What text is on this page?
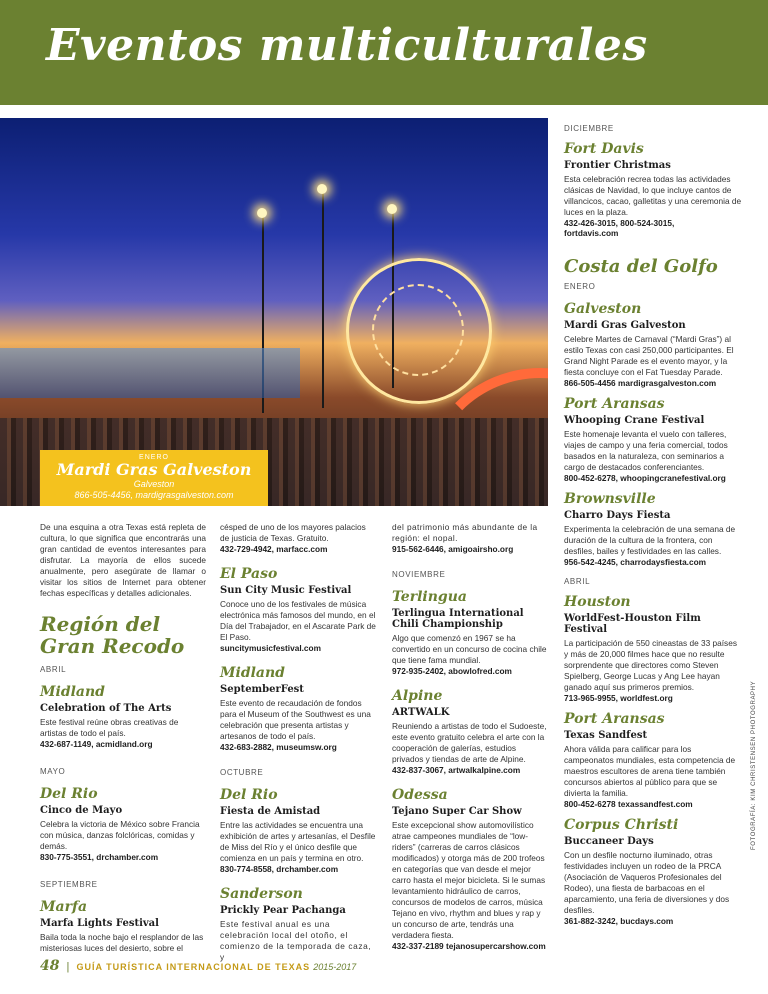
Eventos multiculturales
ENERO
Mardi Gras Galveston
Galveston
866-505-4456, mardigrasgalveston.com

DICIEMBRE

Fort Davis

Frontier Christmas

Esta celebración recrea todas las actividades clásicas de Navidad, lo que incluye cantos de villancicos, cacao, galletitas y una ceremonia de luces en la plaza.

432-426-3015, 800-524-3015,

fortdavis.com

Costa del Golfo

ENERO

Galveston

Mardi Gras Galveston

Celebre Martes de Carnaval (“Mardi Gras”) al estilo Texas con casi 250,000 participantes. El Grand Night Parade es el evento mayor, y la fiesta concluye con el Fat Tuesday Parade.

866-505-4456 mardigrasgalveston.com

Port Aransas

Whooping Crane Festival

Este homenaje levanta el vuelo con talleres, viajes de campo y una feria comercial, todos basados en la naturaleza, con seminarios a cargo de destacados conferenciantes.

800-452-6278, whoopingcranefestival.org

Brownsville

Charro Days Fiesta

Experimenta la celebración de una semana de duración de la cultura de la frontera, con desfiles, bailes y festividades en las calles.

956-542-4245, charrodaysfiesta.com

ABRIL

Houston

WorldFest-Houston Film Festival

La participación de 550 cineastas de 33 países y más de 20,000 filmes hace que no resulte sorprendente que directores como Steven Spielberg, George Lucas y Ang Lee hayan ganado aquí sus primeros premios.

713-965-9955, worldfest.org

Port Aransas

Texas Sandfest

Ahora válida para calificar para los campeonatos mundiales, esta competencia de maestros escultores de arena tiene también concursos abiertos al público para que se divierta la familia.

800-452-6278 texassandfest.com

Corpus Christi

Buccaneer Days

Con un desfile nocturno iluminado, otras festividades incluyen un rodeo de la PRCA (Asociación de Vaqueros Profesionales del Rodeo), una fiesta de barbacoas en el aparcamiento, una feria de diversiones y dos desfiles.

361-882-3242, bucdays.com

De una esquina a otra Texas está repleta de cultura, lo que significa que encontrarás una gran cantidad de eventos interesantes para disfrutar. La mayoría de ellos sucede anualmente, pero asegúrate de llamar o visitar los sitios de Internet para obtener fechas específicas y detalles adicionales.

Región del Gran Recodo

ABRIL

Midland

Celebration of The Arts

Este festival reúne obras creativas de artistas de todo el país.

432-687-1149, acmidland.org

MAYO

Del Rio

Cinco de Mayo

Celebra la victoria de México sobre Francia con música, danzas folclóricas, comidas y demás.

830-775-3551, drchamber.com

SEPTIEMBRE

Marfa

Marfa Lights Festival

Baila toda la noche bajo el resplandor de las misteriosas luces del desierto, sobre el

césped de uno de los mayores palacios de justicia de Texas. Gratuito.

432-729-4942, marfacc.com

El Paso

Sun City Music Festival

Conoce uno de los festivales de música electrónica más famosos del mundo, en el Día del Trabajador, en el Ascarate Park de El Paso.

suncitymusicfestival.com

Midland

SeptemberFest

Este evento de recaudación de fondos para el Museum of the Southwest es una celebración que presenta artistas y artesanos de todo el país.

432-683-2882, museumsw.org

OCTUBRE

Del Rio

Fiesta de Amistad

Entre las actividades se encuentra una exhibición de artes y artesanías, el Desfile de Miss del Río y el único desfile que comienza en un país y termina en otro.

830-774-8558, drchamber.com

Sanderson

Prickly Pear Pachanga

Este festival anual es una celebración local del otoño, el comienzo de la temporada de caza, y

del patrimonio más abundante de la región: el nopal.

915-562-6446, amigoairsho.org

NOVIEMBRE

Terlingua

Terlingua International Chili Championship

Algo que comenzó en 1967 se ha convertido en un concurso de cocina chile que tiene fama mundial.

972-935-2402, abowlofred.com

Alpine

ARTWALK

Reuniendo a artistas de todo el Sudoeste, este evento gratuito celebra el arte con la cooperación de galerías, estudios privados y tiendas de arte de Alpine.

432-837-3067, artwalkalpine.com

Odessa

Tejano Super Car Show

Este excepcional show automovilístico atrae campeones mundiales de “low-riders” (carreras de carros clásicos modificados) y otorga más de 200 trofeos en categorías que van desde el mejor carro hasta el mejor bicicleta. Si le sumas levantamiento hidráulico de carros, concursos de modelos de carros, música Tejano en vivo, rhythm and blues y rap y un concurso de arte, tendrás una verdadera fiesta.

432-337-2189 tejanosupercarshow.com

FOTOGRAFÍA: KIM CHRISTENSEN PHOTOGRAPHY
48 | GUÍA TURÍSTICA INTERNACIONAL DE TEXAS 2015-2017
